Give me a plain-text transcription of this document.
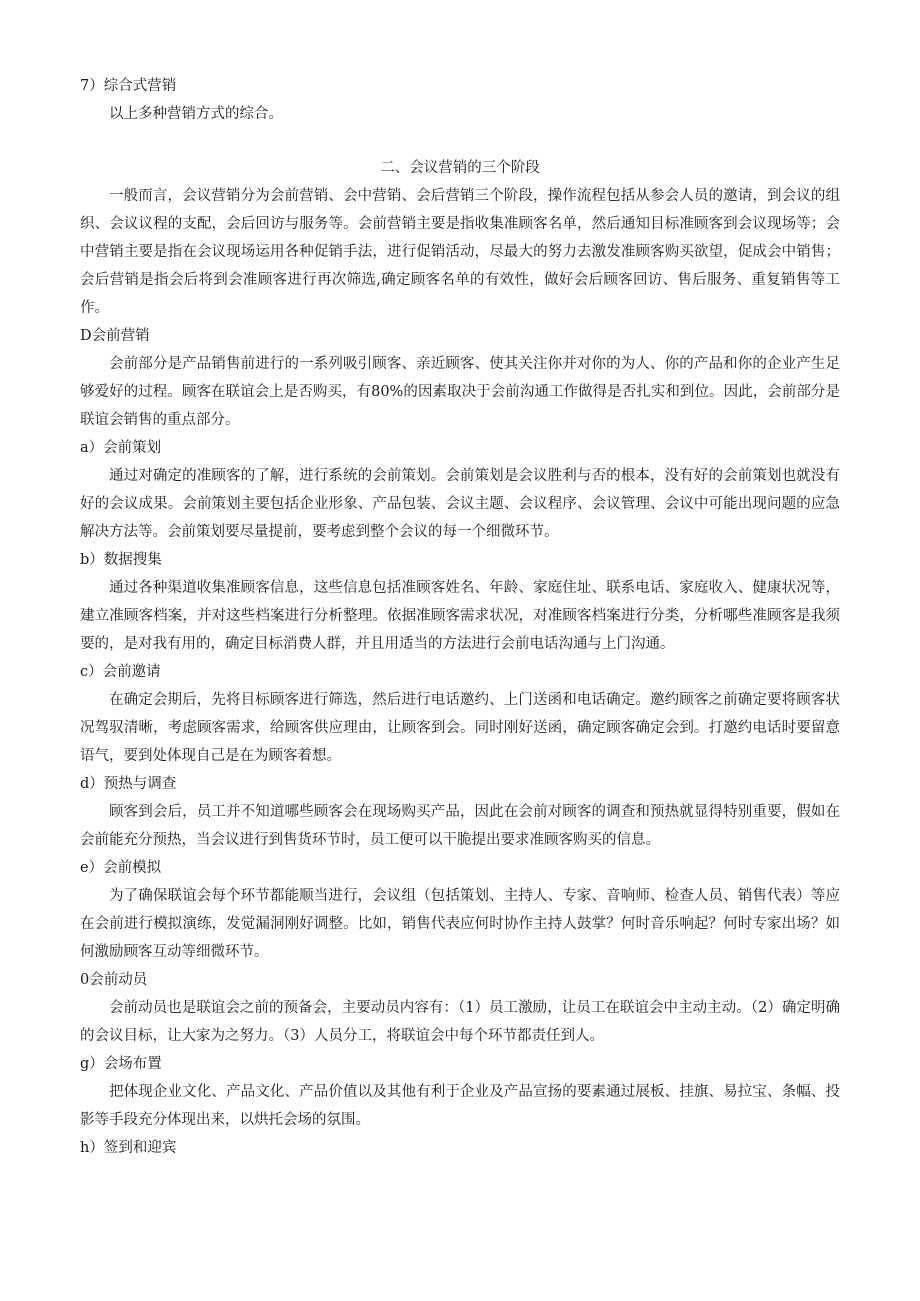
7）综合式营销

以上多种营销方式的综合。

二、会议营销的三个阶段

一般而言，会议营销分为会前营销、会中营销、会后营销三个阶段，操作流程包括从参会人员的邀请，到会议的组织、会议议程的支配，会后回访与服务等。会前营销主要是指收集准顾客名单，然后通知目标准顾客到会议现场等；会中营销主要是指在会议现场运用各种促销手法，进行促销活动，尽最大的努力去激发准顾客购买欲望，促成会中销售；会后营销是指会后将到会准顾客进行再次筛选,确定顾客名单的有效性，做好会后顾客回访、售后服务、重复销售等工作。

D会前营销

会前部分是产品销售前进行的一系列吸引顾客、亲近顾客、使其关注你并对你的为人、你的产品和你的企业产生足够爱好的过程。顾客在联谊会上是否购买，有80%的因素取决于会前沟通工作做得是否扎实和到位。因此，会前部分是联谊会销售的重点部分。

a）会前策划

通过对确定的准顾客的了解，进行系统的会前策划。会前策划是会议胜利与否的根本，没有好的会前策划也就没有好的会议成果。会前策划主要包括企业形象、产品包装、会议主题、会议程序、会议管理、会议中可能出现问题的应急解决方法等。会前策划要尽量提前，要考虑到整个会议的每一个细微环节。

b）数据搜集

通过各种渠道收集准顾客信息，这些信息包括准顾客姓名、年龄、家庭住址、联系电话、家庭收入、健康状况等，建立准顾客档案，并对这些档案进行分析整理。依据准顾客需求状况，对准顾客档案进行分类，分析哪些准顾客是我须要的，是对我有用的，确定目标消费人群，并且用适当的方法进行会前电话沟通与上门沟通。

c）会前邀请

在确定会期后，先将目标顾客进行筛选，然后进行电话邀约、上门送函和电话确定。邀约顾客之前确定要将顾客状况驾驭清晰，考虑顾客需求，给顾客供应理由，让顾客到会。同时刚好送函，确定顾客确定会到。打邀约电话时要留意语气，要到处体现自己是在为顾客着想。

d）预热与调查

顾客到会后，员工并不知道哪些顾客会在现场购买产品，因此在会前对顾客的调查和预热就显得特别重要，假如在会前能充分预热，当会议进行到售货环节时，员工便可以干脆提出要求准顾客购买的信息。

e）会前模拟

为了确保联谊会每个环节都能顺当进行，会议组（包括策划、主持人、专家、音响师、检查人员、销售代表）等应在会前进行模拟演练，发觉漏洞刚好调整。比如，销售代表应何时协作主持人鼓掌？何时音乐响起？何时专家出场？如何激励顾客互动等细微环节。

0会前动员

会前动员也是联谊会之前的预备会，主要动员内容有：（1）员工激励，让员工在联谊会中主动主动。（2）确定明确的会议目标，让大家为之努力。（3）人员分工，将联谊会中每个环节都责任到人。

g）会场布置

把体现企业文化、产品文化、产品价值以及其他有利于企业及产品宣扬的要素通过展板、挂旗、易拉宝、条幅、投影等手段充分体现出来，以烘托会场的氛围。

h）签到和迎宾
